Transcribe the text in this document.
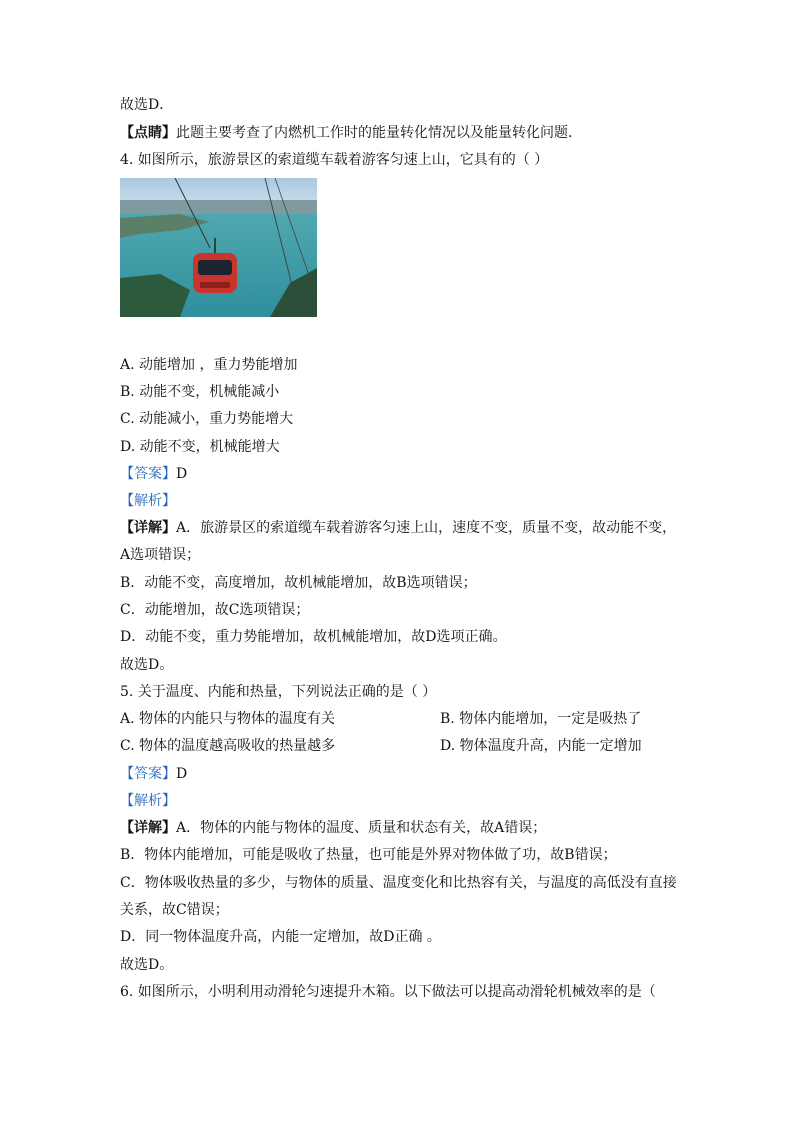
故选D．
【点睛】此题主要考查了内燃机工作时的能量转化情况以及能量转化问题．
4. 如图所示，旅游景区的索道缆车载着游客匀速上山，它具有的（ ）
A. 动能增加 ，重力势能增加
B. 动能不变，机械能减小
C. 动能减小，重力势能增大
D. 动能不变，机械能增大
【答案】D
【解析】
【详解】A．旅游景区的索道缆车载着游客匀速上山，速度不变，质量不变，故动能不变，
A选项错误；
B．动能不变，高度增加，故机械能增加，故B选项错误；
C．动能增加，故C选项错误；
D．动能不变，重力势能增加，故机械能增加，故D选项正确。
故选D。
5. 关于温度、内能和热量，下列说法正确的是（ ）
A. 物体的内能只与物体的温度有关	B. 物体内能增加，一定是吸热了
C. 物体的温度越高吸收的热量越多	D. 物体温度升高，内能一定增加
【答案】D
【解析】
【详解】A．物体的内能与物体的温度、质量和状态有关，故A错误；
B．物体内能增加，可能是吸收了热量，也可能是外界对物体做了功，故B错误；
C．物体吸收热量的多少，与物体的质量、温度变化和比热容有关，与温度的高低没有直接
关系，故C错误；
D．同一物体温度升高，内能一定增加，故D正确 。
故选D。
6. 如图所示，小明利用动滑轮匀速提升木箱。以下做法可以提高动滑轮机械效率的是（
